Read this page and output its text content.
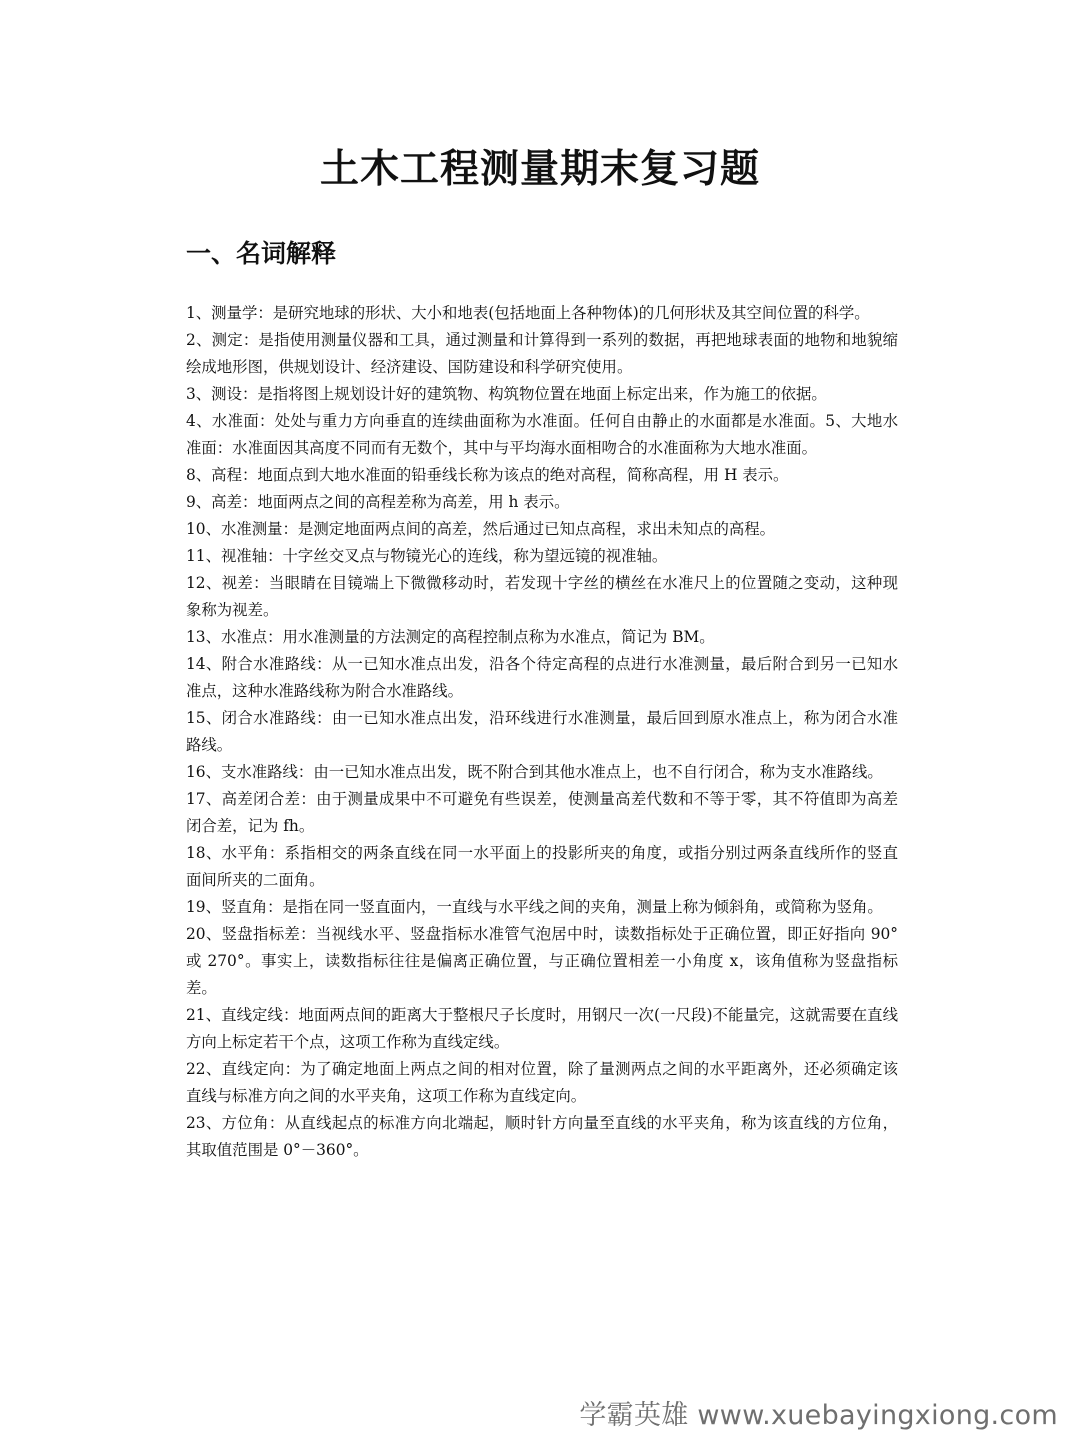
土木工程测量期末复习题
一、名词解释
1、测量学：是研究地球的形状、大小和地表(包括地面上各种物体)的几何形状及其空间位置的科学。
2、测定：是指使用测量仪器和工具，通过测量和计算得到一系列的数据，再把地球表面的地物和地貌缩绘成地形图，供规划设计、经济建设、国防建设和科学研究使用。
3、测设：是指将图上规划设计好的建筑物、构筑物位置在地面上标定出来，作为施工的依据。
4、水准面：处处与重力方向垂直的连续曲面称为水准面。任何自由静止的水面都是水准面。5、大地水准面：水准面因其高度不同而有无数个，其中与平均海水面相吻合的水准面称为大地水准面。
8、高程：地面点到大地水准面的铅垂线长称为该点的绝对高程，简称高程，用 H 表示。
9、高差：地面两点之间的高程差称为高差，用 h 表示。
10、水准测量：是测定地面两点间的高差，然后通过已知点高程，求出未知点的高程。
11、视准轴：十字丝交叉点与物镜光心的连线，称为望远镜的视准轴。
12、视差：当眼睛在目镜端上下微微移动时，若发现十字丝的横丝在水准尺上的位置随之变动，这种现象称为视差。
13、水准点：用水准测量的方法测定的高程控制点称为水准点，简记为 BM。
14、附合水准路线：从一已知水准点出发，沿各个待定高程的点进行水准测量，最后附合到另一已知水准点，这种水准路线称为附合水准路线。
15、闭合水准路线：由一已知水准点出发，沿环线进行水准测量，最后回到原水准点上，称为闭合水准路线。
16、支水准路线：由一已知水准点出发，既不附合到其他水准点上，也不自行闭合，称为支水准路线。
17、高差闭合差：由于测量成果中不可避免有些误差，使测量高差代数和不等于零，其不符值即为高差闭合差，记为 fh。
18、水平角：系指相交的两条直线在同一水平面上的投影所夹的角度，或指分别过两条直线所作的竖直面间所夹的二面角。
19、竖直角：是指在同一竖直面内，一直线与水平线之间的夹角，测量上称为倾斜角，或简称为竖角。
20、竖盘指标差：当视线水平、竖盘指标水准管气泡居中时，读数指标处于正确位置，即正好指向 90°或 270°。事实上，读数指标往往是偏离正确位置，与正确位置相差一小角度 x，该角值称为竖盘指标差。
21、直线定线：地面两点间的距离大于整根尺子长度时，用钢尺一次(一尺段)不能量完，这就需要在直线方向上标定若干个点，这项工作称为直线定线。
22、直线定向：为了确定地面上两点之间的相对位置，除了量测两点之间的水平距离外，还必须确定该直线与标准方向之间的水平夹角，这项工作称为直线定向。
23、方位角：从直线起点的标准方向北端起，顺时针方向量至直线的水平夹角，称为该直线的方位角，其取值范围是 0°－360°。
学霸英雄 www.xuebayingxiong.com
